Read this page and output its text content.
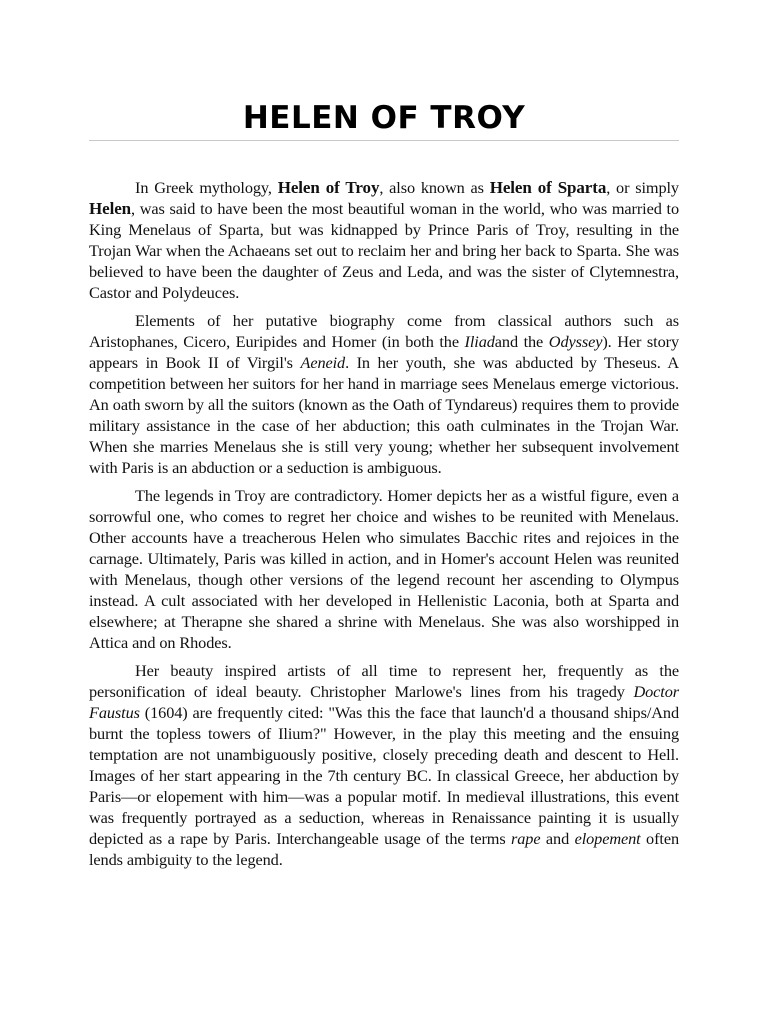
HELEN OF TROY

In Greek mythology, Helen of Troy, also known as Helen of Sparta, or simply Helen, was said to have been the most beautiful woman in the world, who was married to King Menelaus of Sparta, but was kidnapped by Prince Paris of Troy, resulting in the Trojan War when the Achaeans set out to reclaim her and bring her back to Sparta. She was believed to have been the daughter of Zeus and Leda, and was the sister of Clytemnestra, Castor and Polydeuces.

Elements of her putative biography come from classical authors such as Aristophanes, Cicero, Euripides and Homer (in both the Iliadand the Odyssey). Her story appears in Book II of Virgil's Aeneid. In her youth, she was abducted by Theseus. A competition between her suitors for her hand in marriage sees Menelaus emerge victorious. An oath sworn by all the suitors (known as the Oath of Tyndareus) requires them to provide military assistance in the case of her abduction; this oath culminates in the Trojan War. When she marries Menelaus she is still very young; whether her subsequent involvement with Paris is an abduction or a seduction is ambiguous.

The legends in Troy are contradictory. Homer depicts her as a wistful figure, even a sorrowful one, who comes to regret her choice and wishes to be reunited with Menelaus. Other accounts have a treacherous Helen who simulates Bacchic rites and rejoices in the carnage. Ultimately, Paris was killed in action, and in Homer's account Helen was reunited with Menelaus, though other versions of the legend recount her ascending to Olympus instead. A cult associated with her developed in Hellenistic Laconia, both at Sparta and elsewhere; at Therapne she shared a shrine with Menelaus. She was also worshipped in Attica and on Rhodes.

Her beauty inspired artists of all time to represent her, frequently as the personification of ideal beauty. Christopher Marlowe's lines from his tragedy Doctor Faustus (1604) are frequently cited: "Was this the face that launch'd a thousand ships/And burnt the topless towers of Ilium?" However, in the play this meeting and the ensuing temptation are not unambiguously positive, closely preceding death and descent to Hell. Images of her start appearing in the 7th century BC. In classical Greece, her abduction by Paris—or elopement with him—was a popular motif. In medieval illustrations, this event was frequently portrayed as a seduction, whereas in Renaissance painting it is usually depicted as a rape by Paris. Interchangeable usage of the terms rape and elopement often lends ambiguity to the legend.
